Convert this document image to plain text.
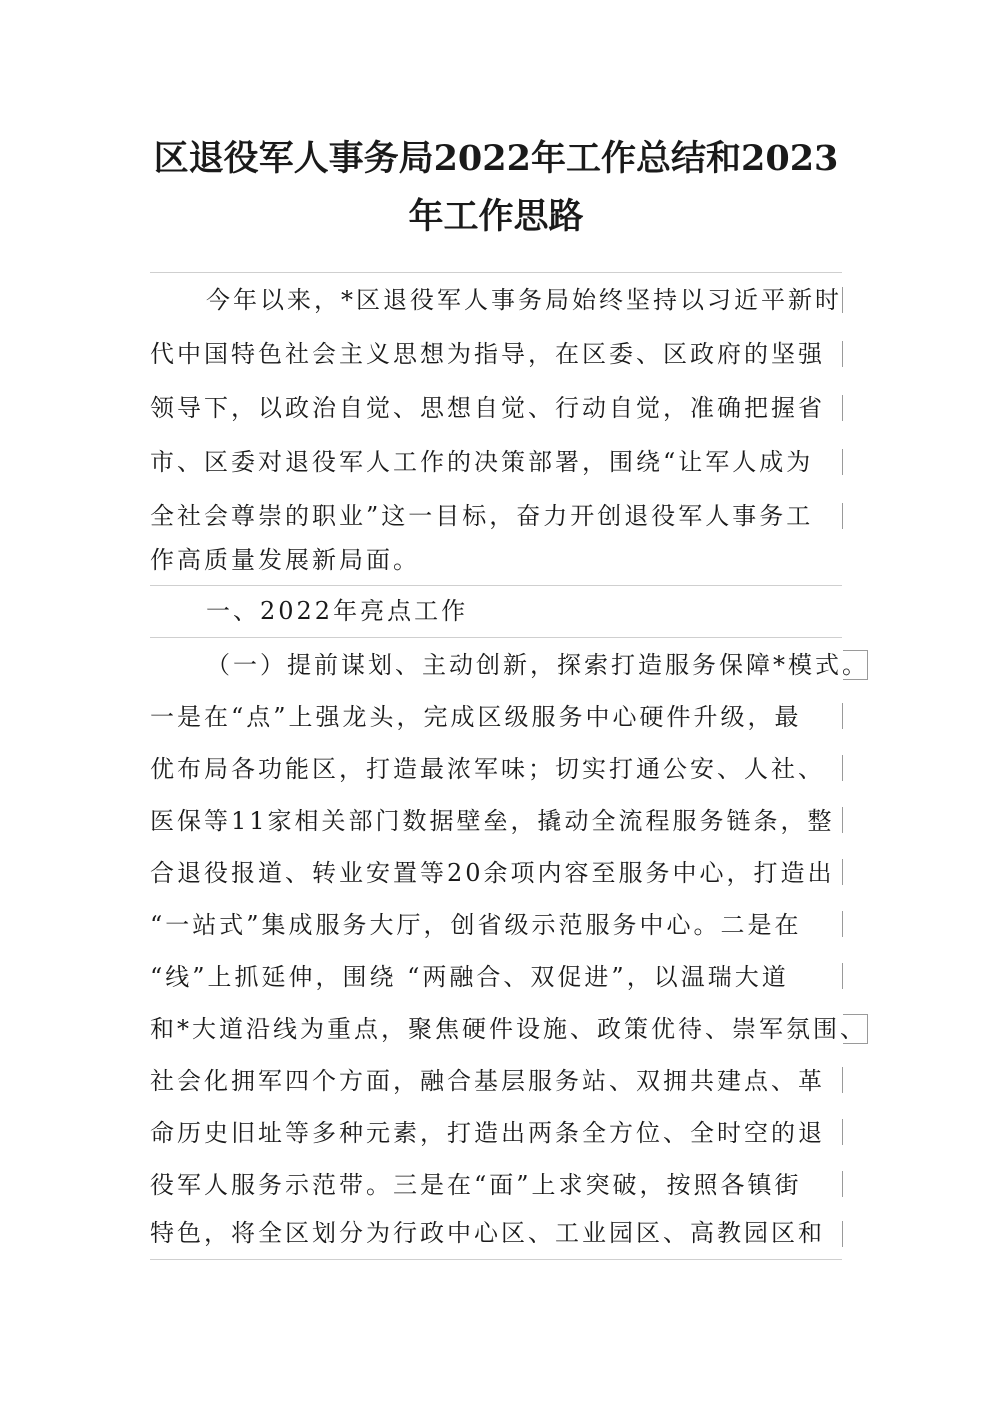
区退役军人事务局2022年工作总结和2023
年工作思路
今年以来，*区退役军人事务局始终坚持以习近平新时
代中国特色社会主义思想为指导，在区委、区政府的坚强
领导下，以政治自觉、思想自觉、行动自觉，准确把握省
市、区委对退役军人工作的决策部署，围绕“让军人成为
全社会尊崇的职业”这一目标，奋力开创退役军人事务工
作高质量发展新局面。
一、2022年亮点工作
（一）提前谋划、主动创新，探索打造服务保障*模式。
一是在“点”上强龙头，完成区级服务中心硬件升级，最
优布局各功能区，打造最浓军味；切实打通公安、人社、
医保等11家相关部门数据壁垒，撬动全流程服务链条，整
合退役报道、转业安置等20余项内容至服务中心，打造出
“一站式”集成服务大厅，创省级示范服务中心。二是在
“线”上抓延伸，围绕 “两融合、双促进”，以温瑞大道
和*大道沿线为重点，聚焦硬件设施、政策优待、崇军氛围、
社会化拥军四个方面，融合基层服务站、双拥共建点、革
命历史旧址等多种元素，打造出两条全方位、全时空的退
役军人服务示范带。三是在“面”上求突破，按照各镇街
特色，将全区划分为行政中心区、工业园区、高教园区和
